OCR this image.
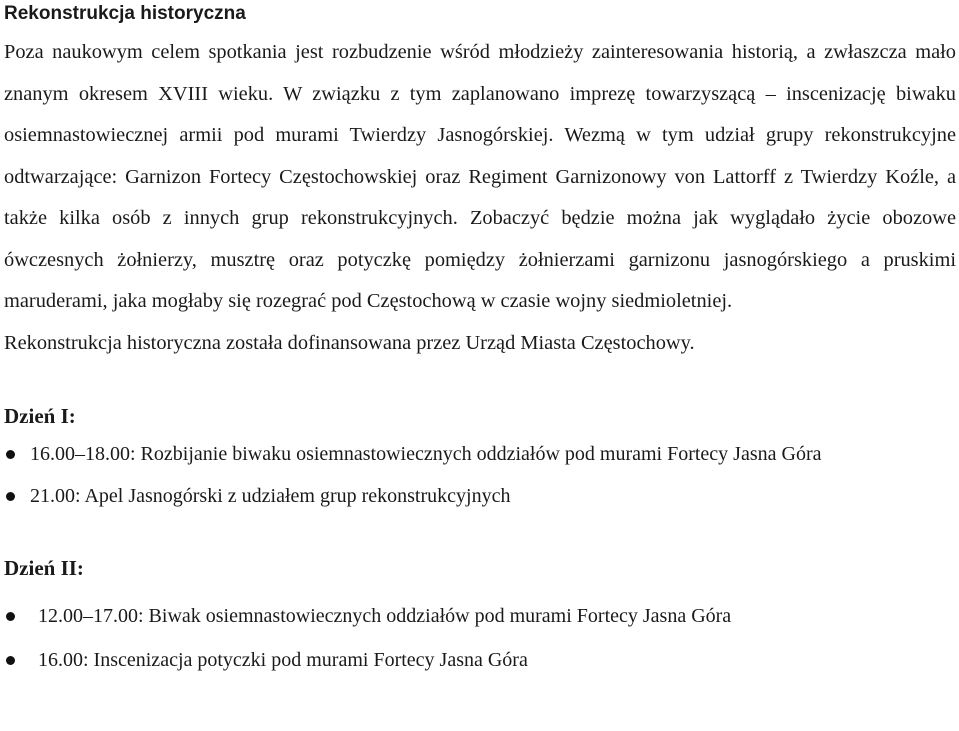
Rekonstrukcja historyczna

Poza naukowym celem spotkania jest rozbudzenie wśród młodzieży zainteresowania historią, a zwłaszcza mało znanym okresem XVIII wieku. W związku z tym zaplanowano imprezę towarzyszącą – inscenizację biwaku osiemnastowiecznej armii pod murami Twierdzy Jasnogórskiej. Wezmą w tym udział grupy rekonstrukcyjne odtwarzające: Garnizon Fortecy Częstochowskiej oraz Regiment Garnizonowy von Lattorff z Twierdzy Koźle, a także kilka osób z innych grup rekonstrukcyjnych. Zobaczyć będzie można jak wyglądało życie obozowe ówczesnych żołnierzy, musztrę oraz potyczkę pomiędzy żołnierzami garnizonu jasnogórskiego a pruskimi maruderami, jaka mogłaby się rozegrać pod Częstochową w czasie wojny siedmioletniej.
Rekonstrukcja historyczna została dofinansowana przez Urząd Miasta Częstochowy.

Dzień I:
16.00–18.00: Rozbijanie biwaku osiemnastowiecznych oddziałów pod murami Fortecy Jasna Góra
21.00: Apel Jasnogórski z udziałem grup rekonstrukcyjnych
Dzień II:
12.00–17.00: Biwak osiemnastowiecznych oddziałów pod murami Fortecy Jasna Góra
16.00: Inscenizacja potyczki pod murami Fortecy Jasna Góra
